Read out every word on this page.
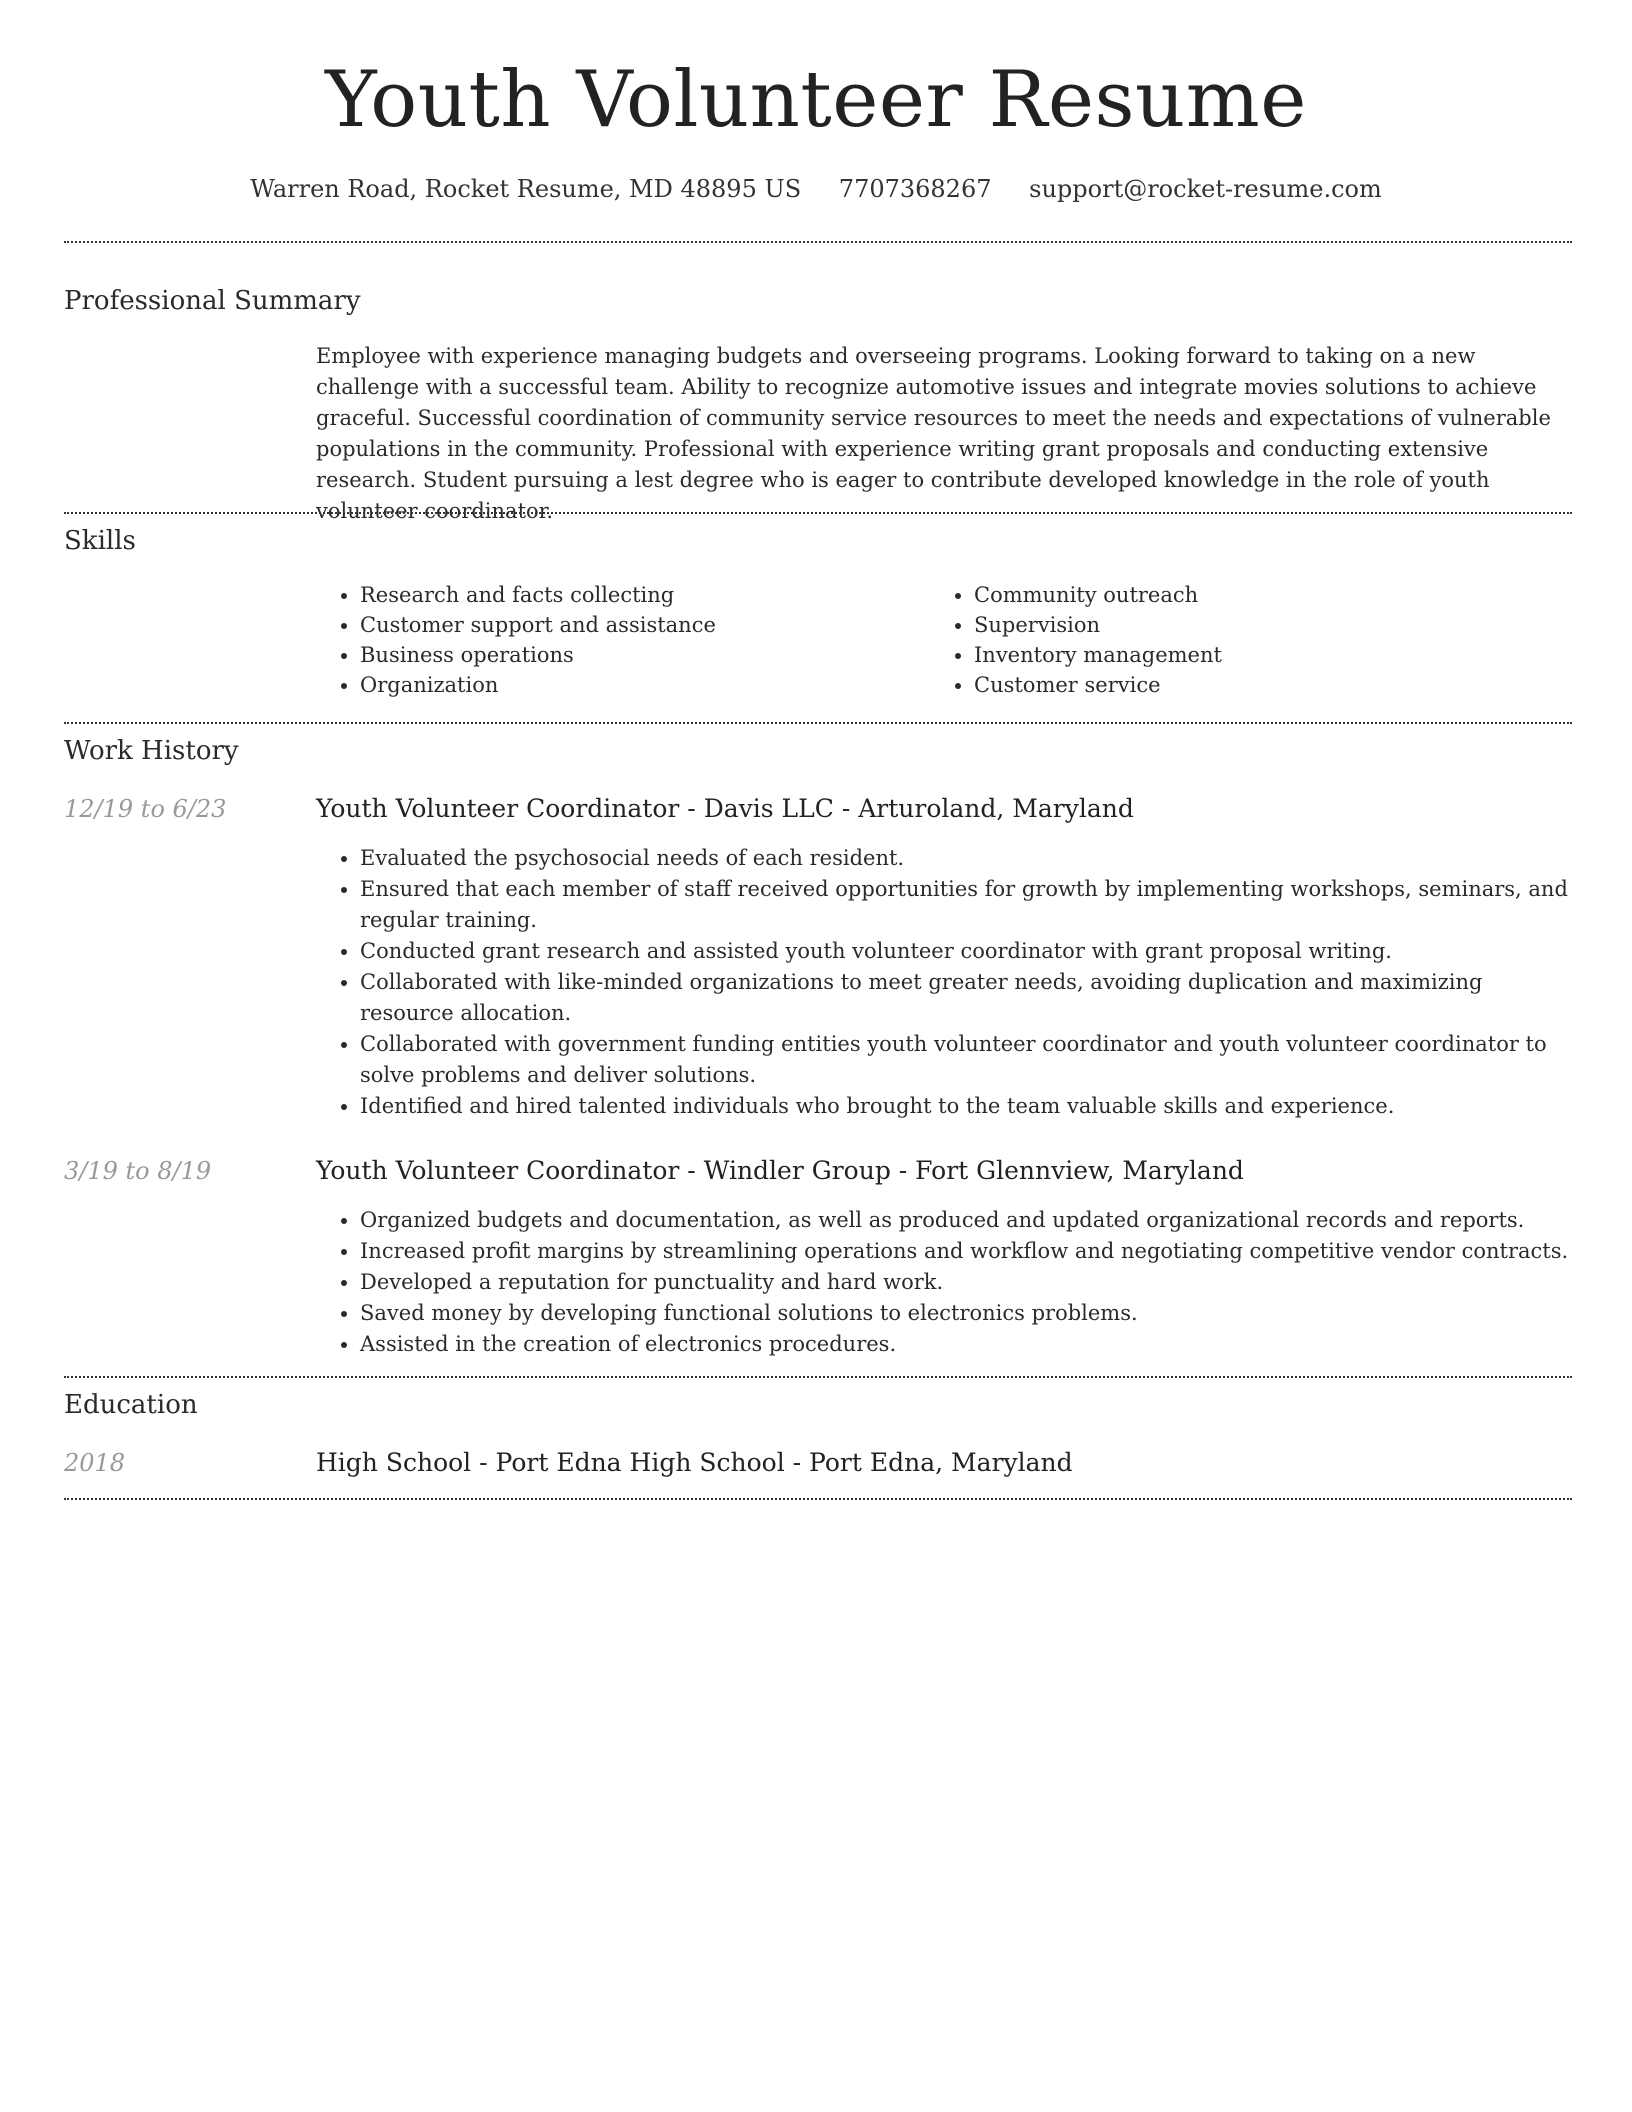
Youth Volunteer Resume
Warren Road, Rocket Resume, MD 48895 US 7707368267 support@rocket-resume.com
Professional Summary

Employee with experience managing budgets and overseeing programs. Looking forward to taking on a new challenge with a successful team. Ability to recognize automotive issues and integrate movies solutions to achieve graceful. Successful coordination of community service resources to meet the needs and expectations of vulnerable populations in the community. Professional with experience writing grant proposals and conducting extensive research. Student pursuing a lest degree who is eager to contribute developed knowledge in the role of youth volunteer coordinator.

Skills
• Research and facts collecting
• Customer support and assistance
• Business operations
• Organization
• Community outreach
• Supervision
• Inventory management
• Customer service
Work History
12/19 to 6/23	Youth Volunteer Coordinator - Davis LLC - Arturoland, Maryland
• Evaluated the psychosocial needs of each resident.
• Ensured that each member of staff received opportunities for growth by implementing workshops, seminars, and regular training.
• Conducted grant research and assisted youth volunteer coordinator with grant proposal writing.
• Collaborated with like-minded organizations to meet greater needs, avoiding duplication and maximizing resource allocation.
• Collaborated with government funding entities youth volunteer coordinator and youth volunteer coordinator to solve problems and deliver solutions.
• Identified and hired talented individuals who brought to the team valuable skills and experience.
3/19 to 8/19	Youth Volunteer Coordinator - Windler Group - Fort Glennview, Maryland
• Organized budgets and documentation, as well as produced and updated organizational records and reports.
• Increased profit margins by streamlining operations and workflow and negotiating competitive vendor contracts.
• Developed a reputation for punctuality and hard work.
• Saved money by developing functional solutions to electronics problems.
• Assisted in the creation of electronics procedures.
Education
2018	High School - Port Edna High School - Port Edna, Maryland
